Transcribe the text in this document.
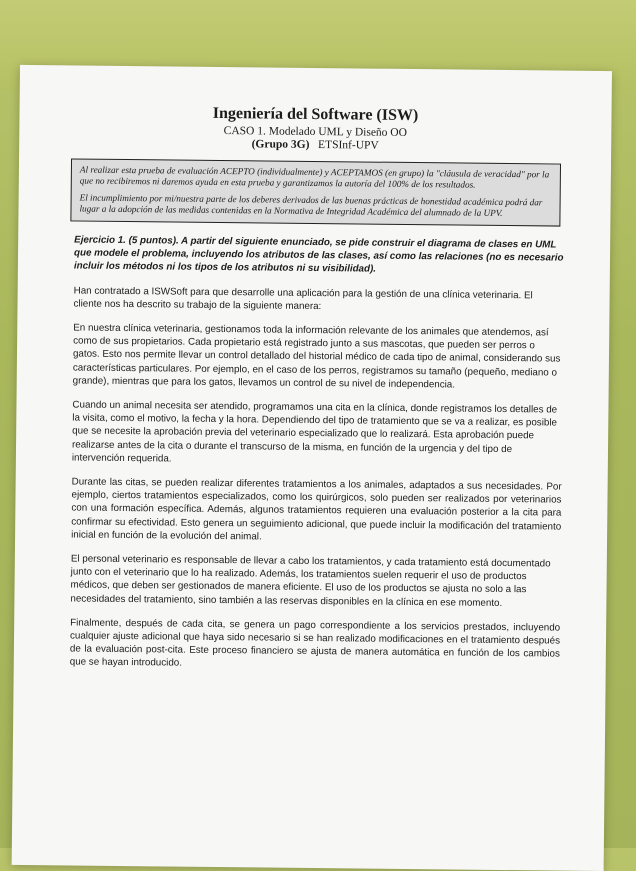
Ingeniería del Software (ISW)
CASO 1. Modelado UML y Diseño OO
(Grupo 3G) ETSInf-UPV

Al realizar esta prueba de evaluación ACEPTO (individualmente) y ACEPTAMOS (en grupo) la "cláusula de veracidad" por la que no recibiremos ni daremos ayuda en esta prueba y garantizamos la autoría del 100% de los resultados.

El incumplimiento por mi/nuestra parte de los deberes derivados de las buenas prácticas de honestidad académica podrá dar lugar a la adopción de las medidas contenidas en la Normativa de Integridad Académica del alumnado de la UPV.

Ejercicio 1. (5 puntos). A partir del siguiente enunciado, se pide construir el diagrama de clases en UML que modele el problema, incluyendo los atributos de las clases, así como las relaciones (no es necesario incluir los métodos ni los tipos de los atributos ni su visibilidad).

Han contratado a ISWSoft para que desarrolle una aplicación para la gestión de una clínica veterinaria. El cliente nos ha descrito su trabajo de la siguiente manera:

En nuestra clínica veterinaria, gestionamos toda la información relevante de los animales que atendemos, así como de sus propietarios. Cada propietario está registrado junto a sus mascotas, que pueden ser perros o gatos. Esto nos permite llevar un control detallado del historial médico de cada tipo de animal, considerando sus características particulares. Por ejemplo, en el caso de los perros, registramos su tamaño (pequeño, mediano o grande), mientras que para los gatos, llevamos un control de su nivel de independencia.

Cuando un animal necesita ser atendido, programamos una cita en la clínica, donde registramos los detalles de la visita, como el motivo, la fecha y la hora. Dependiendo del tipo de tratamiento que se va a realizar, es posible que se necesite la aprobación previa del veterinario especializado que lo realizará. Esta aprobación puede realizarse antes de la cita o durante el transcurso de la misma, en función de la urgencia y del tipo de intervención requerida.

Durante las citas, se pueden realizar diferentes tratamientos a los animales, adaptados a sus necesidades. Por ejemplo, ciertos tratamientos especializados, como los quirúrgicos, solo pueden ser realizados por veterinarios con una formación específica. Además, algunos tratamientos requieren una evaluación posterior a la cita para confirmar su efectividad. Esto genera un seguimiento adicional, que puede incluir la modificación del tratamiento inicial en función de la evolución del animal.

El personal veterinario es responsable de llevar a cabo los tratamientos, y cada tratamiento está documentado junto con el veterinario que lo ha realizado. Además, los tratamientos suelen requerir el uso de productos médicos, que deben ser gestionados de manera eficiente. El uso de los productos se ajusta no solo a las necesidades del tratamiento, sino también a las reservas disponibles en la clínica en ese momento.

Finalmente, después de cada cita, se genera un pago correspondiente a los servicios prestados, incluyendo cualquier ajuste adicional que haya sido necesario si se han realizado modificaciones en el tratamiento después de la evaluación post-cita. Este proceso financiero se ajusta de manera automática en función de los cambios que se hayan introducido.
